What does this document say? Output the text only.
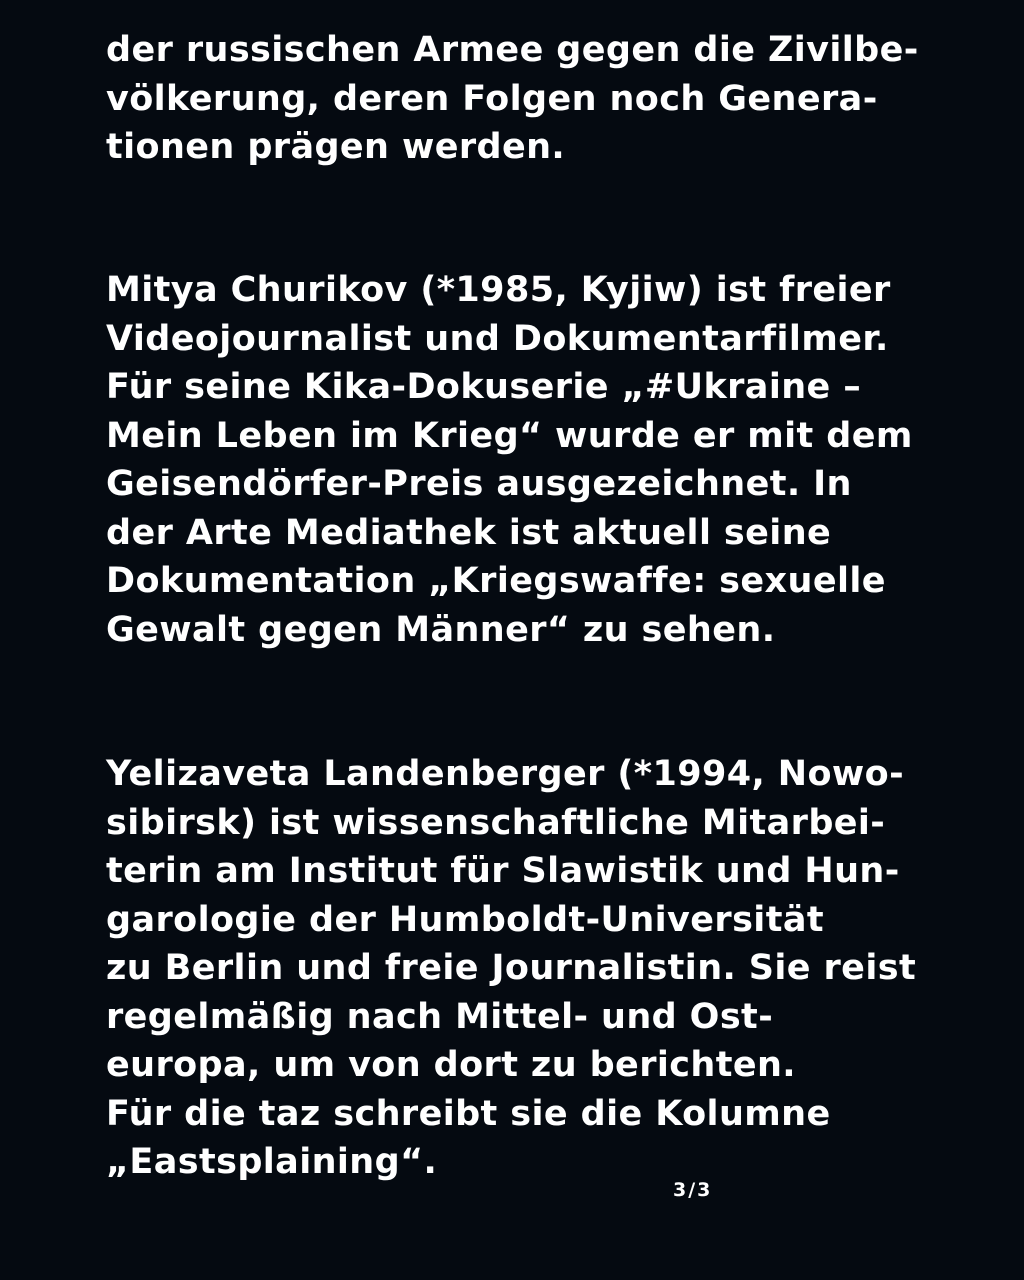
der russischen Armee gegen die Zivilbe-
völkerung, deren Folgen noch Genera-
tionen prägen werden.
Mitya Churikov (*1985, Kyjiw) ist freier
Videojournalist und Dokumentarfilmer.
Für seine Kika-Dokuserie „#Ukraine –
Mein Leben im Krieg“ wurde er mit dem
Geisendörfer-Preis ausgezeichnet. In
der Arte Mediathek ist aktuell seine
Dokumentation „Kriegswaffe: sexuelle
Gewalt gegen Männer“ zu sehen.
Yelizaveta Landenberger (*1994, Nowo-
sibirsk) ist wissenschaftliche Mitarbei-
terin am Institut für Slawistik und Hun-
garologie der Humboldt-Universität
zu Berlin und freie Journalistin. Sie reist
regelmäßig nach Mittel- und Ost-
europa, um von dort zu berichten.
Für die taz schreibt sie die Kolumne
„Eastsplaining“.
3/3
